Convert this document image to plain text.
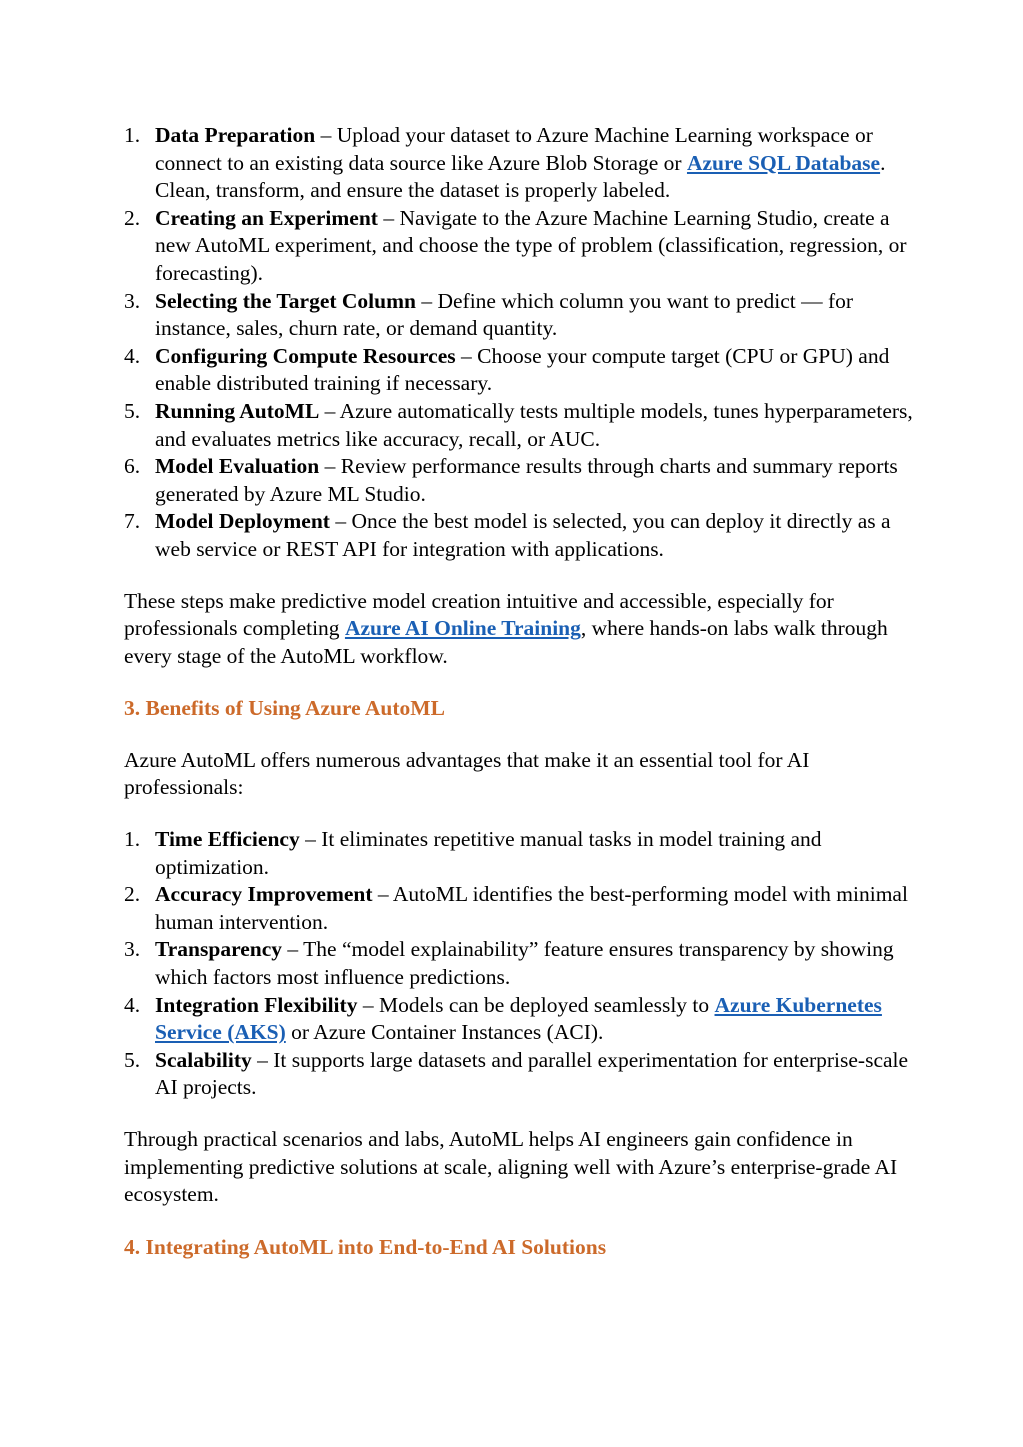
1. Data Preparation – Upload your dataset to Azure Machine Learning workspace or connect to an existing data source like Azure Blob Storage or Azure SQL Database. Clean, transform, and ensure the dataset is properly labeled.
2. Creating an Experiment – Navigate to the Azure Machine Learning Studio, create a new AutoML experiment, and choose the type of problem (classification, regression, or forecasting).
3. Selecting the Target Column – Define which column you want to predict — for instance, sales, churn rate, or demand quantity.
4. Configuring Compute Resources – Choose your compute target (CPU or GPU) and enable distributed training if necessary.
5. Running AutoML – Azure automatically tests multiple models, tunes hyperparameters, and evaluates metrics like accuracy, recall, or AUC.
6. Model Evaluation – Review performance results through charts and summary reports generated by Azure ML Studio.
7. Model Deployment – Once the best model is selected, you can deploy it directly as a web service or REST API for integration with applications.

These steps make predictive model creation intuitive and accessible, especially for professionals completing Azure AI Online Training, where hands-on labs walk through every stage of the AutoML workflow.

3. Benefits of Using Azure AutoML

Azure AutoML offers numerous advantages that make it an essential tool for AI professionals:

1. Time Efficiency – It eliminates repetitive manual tasks in model training and optimization.
2. Accuracy Improvement – AutoML identifies the best-performing model with minimal human intervention.
3. Transparency – The “model explainability” feature ensures transparency by showing which factors most influence predictions.
4. Integration Flexibility – Models can be deployed seamlessly to Azure Kubernetes Service (AKS) or Azure Container Instances (ACI).
5. Scalability – It supports large datasets and parallel experimentation for enterprise-scale AI projects.

Through practical scenarios and labs, AutoML helps AI engineers gain confidence in implementing predictive solutions at scale, aligning well with Azure’s enterprise-grade AI ecosystem.

4. Integrating AutoML into End-to-End AI Solutions
